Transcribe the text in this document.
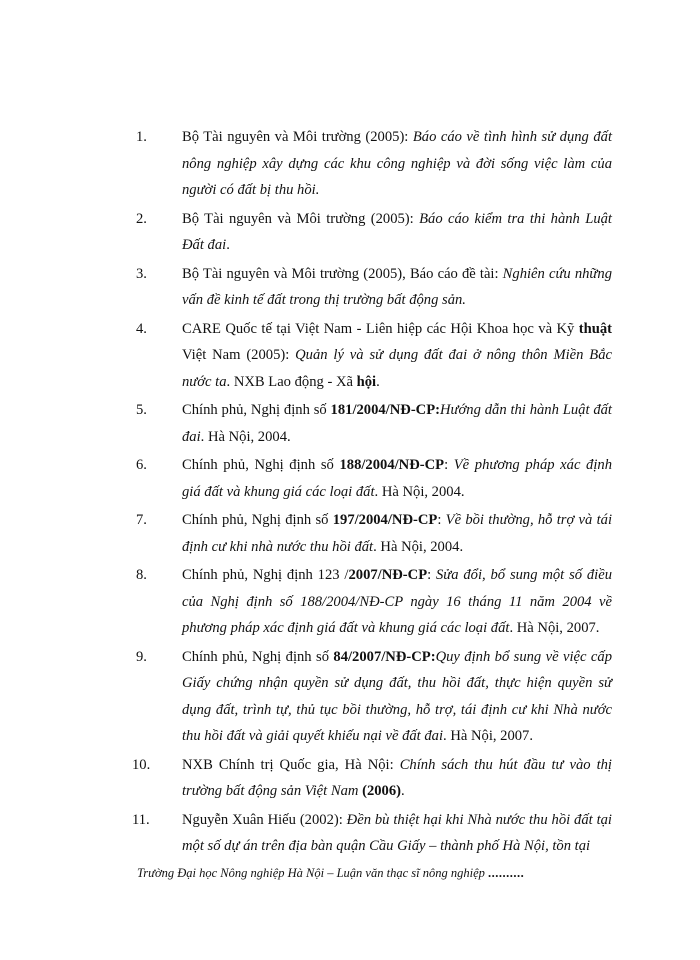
1.	Bộ Tài nguyên và Môi trường (2005): Báo cáo về tình hình sử dụng đất nông nghiệp xây dựng các khu công nghiệp và đời sống việc làm của người có đất bị thu hồi.

2.	Bộ Tài nguyên và Môi trường (2005): Báo cáo kiểm tra thi hành Luật Đất đai.

3.	Bộ Tài nguyên và Môi trường (2005), Báo cáo đề tài: Nghiên cứu những vấn đề kinh tế đất trong thị trường bất động sản.

4.	CARE Quốc tế tại Việt Nam - Liên hiệp các Hội Khoa học và Kỹ thuật Việt Nam (2005): Quản lý và sử dụng đất đai ở nông thôn Miền Bắc nước ta. NXB Lao động - Xã hội.

5.	Chính phủ, Nghị định số 181/2004/NĐ-CP:Hướng dẫn thi hành Luật đất đai. Hà Nội, 2004.

6.	Chính phủ, Nghị định số 188/2004/NĐ-CP: Về phương pháp xác định giá đất và khung giá các loại đất. Hà Nội, 2004.

7.	Chính phủ, Nghị định số 197/2004/NĐ-CP: Về bồi thường, hỗ trợ và tái định cư khi nhà nước thu hồi đất. Hà Nội, 2004.

8.	Chính phủ, Nghị định 123 /2007/NĐ-CP: Sửa đổi, bổ sung một số điều của Nghị định số 188/2004/NĐ-CP ngày 16 tháng 11 năm 2004 về phương pháp xác định giá đất và khung giá các loại đất. Hà Nội, 2007.

9.	Chính phủ, Nghị định số 84/2007/NĐ-CP:Quy định bổ sung về việc cấp Giấy chứng nhận quyền sử dụng đất, thu hồi đất, thực hiện quyền sử dụng đất, trình tự, thủ tục bồi thường, hỗ trợ, tái định cư khi Nhà nước thu hồi đất và giải quyết khiếu nại về đất đai. Hà Nội, 2007.

10.	NXB Chính trị Quốc gia, Hà Nội: Chính sách thu hút đầu tư vào thị trường bất động sản Việt Nam (2006).

11.	Nguyễn Xuân Hiếu (2002): Đền bù thiệt hại khi Nhà nước thu hồi đất tại một số dự án trên địa bàn quận Cầu Giấy – thành phố Hà Nội, tồn tại

Trường Đại học Nông nghiệp Hà Nội – Luận văn thạc sĩ nông nghiệp ..........
